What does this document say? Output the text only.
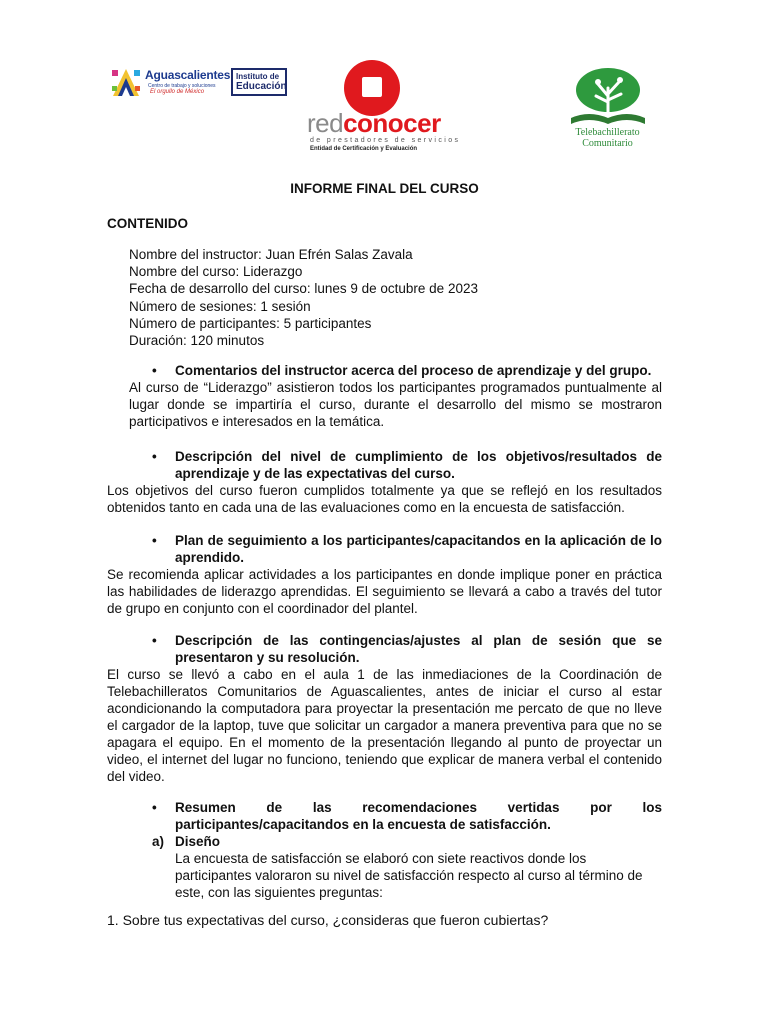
Aguascalientes
Centro de trabajo y soluciones
El orgullo de México
Instituto de
Educación
redconocer
de prestadores de servicios
Entidad de Certificación y Evaluación
Telebachillerato
Comunitario
INFORME FINAL DEL CURSO
CONTENIDO
Nombre del instructor: Juan Efrén Salas Zavala
Nombre del curso: Liderazgo
Fecha de desarrollo del curso: lunes 9 de octubre de 2023
Número de sesiones: 1 sesión
Número de participantes: 5 participantes
Duración: 120 minutos
• Comentarios del instructor acerca del proceso de aprendizaje y del grupo.
Al curso de “Liderazgo” asistieron todos los participantes programados puntualmente al lugar donde se impartiría el curso, durante el desarrollo del mismo se mostraron participativos e interesados en la temática.
• Descripción del nivel de cumplimiento de los objetivos/resultados de aprendizaje y de las expectativas del curso.
Los objetivos del curso fueron cumplidos totalmente ya que se reflejó en los resultados obtenidos tanto en cada una de las evaluaciones como en la encuesta de satisfacción.
• Plan de seguimiento a los participantes/capacitandos en la aplicación de lo aprendido.
Se recomienda aplicar actividades a los participantes en donde implique poner en práctica las habilidades de liderazgo aprendidas. El seguimiento se llevará a cabo a través del tutor de grupo en conjunto con el coordinador del plantel.
• Descripción de las contingencias/ajustes al plan de sesión que se presentaron y su resolución.
El curso se llevó a cabo en el aula 1 de las inmediaciones de la Coordinación de Telebachilleratos Comunitarios de Aguascalientes, antes de iniciar el curso al estar acondicionando la computadora para proyectar la presentación me percato de que no lleve el cargador de la laptop, tuve que solicitar un cargador a manera preventiva para que no se apagara el equipo. En el momento de la presentación llegando al punto de proyectar un video, el internet del lugar no funciono, teniendo que explicar de manera verbal el contenido del video.
• Resumen de las recomendaciones vertidas por los participantes/capacitandos en la encuesta de satisfacción.
a) Diseño
La encuesta de satisfacción se elaboró con siete reactivos donde los participantes valoraron su nivel de satisfacción respecto al curso al término de este, con las siguientes preguntas:
1. Sobre tus expectativas del curso, ¿consideras que fueron cubiertas?
